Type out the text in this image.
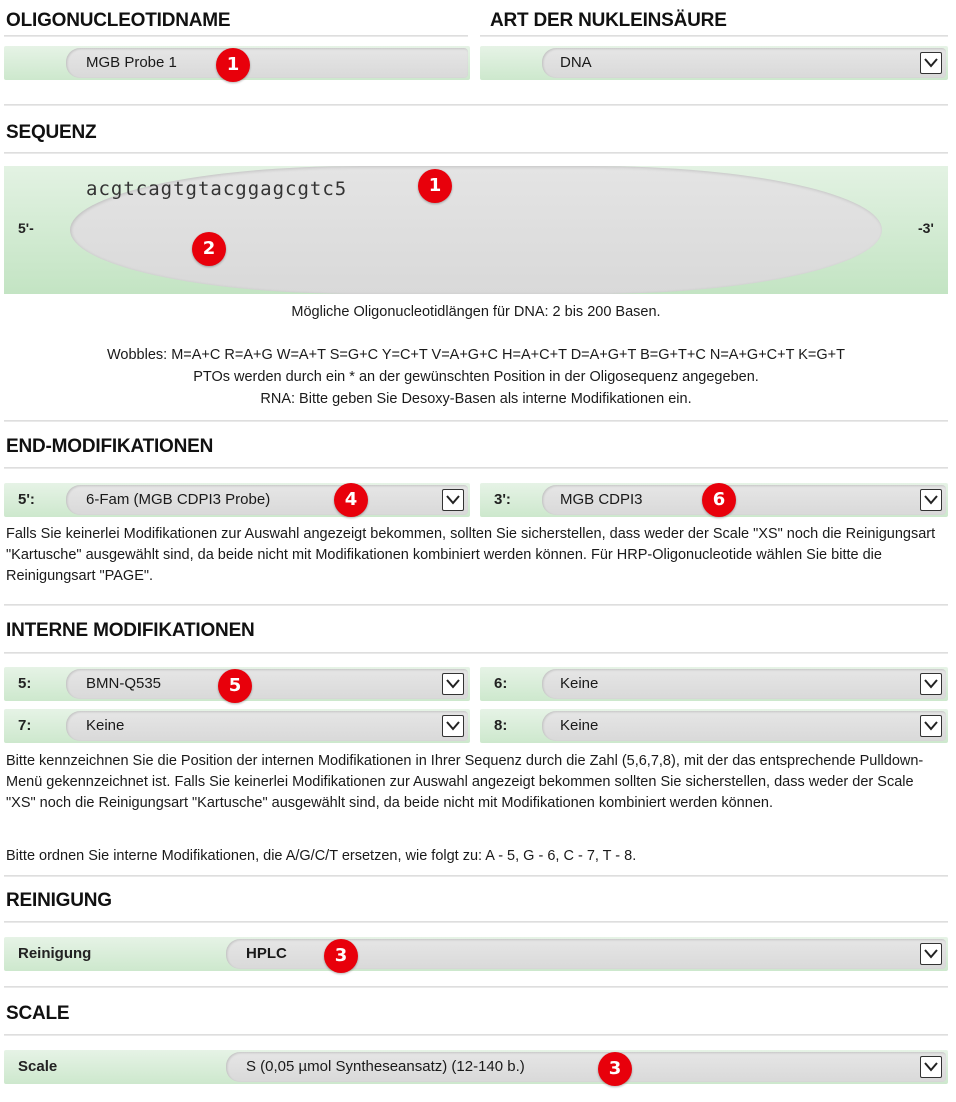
OLIGONUCLEOTIDNAME	ART DER NUKLEINSÄURE
MGB Probe 1	DNA
SEQUENZ
acgtcagtgtacggagcgtc5
5'-	-3'
Mögliche Oligonucleotidlängen für DNA: 2 bis 200 Basen.
Wobbles: M=A+C R=A+G W=A+T S=G+C Y=C+T V=A+G+C H=A+C+T D=A+G+T B=G+T+C N=A+G+C+T K=G+T
PTOs werden durch ein * an der gewünschten Position in der Oligosequenz angegeben.
RNA: Bitte geben Sie Desoxy-Basen als interne Modifikationen ein.
END-MODIFIKATIONEN
5':	6-Fam (MGB CDPI3 Probe)	3':	MGB CDPI3
Falls Sie keinerlei Modifikationen zur Auswahl angezeigt bekommen, sollten Sie sicherstellen, dass weder der Scale "XS" noch die Reinigungsart "Kartusche" ausgewählt sind, da beide nicht mit Modifikationen kombiniert werden können. Für HRP-Oligonucleotide wählen Sie bitte die Reinigungsart "PAGE".
INTERNE MODIFIKATIONEN
5:	BMN-Q535	6:	Keine
7:	Keine	8:	Keine
Bitte kennzeichnen Sie die Position der internen Modifikationen in Ihrer Sequenz durch die Zahl (5,6,7,8), mit der das entsprechende Pulldown-Menü gekennzeichnet ist. Falls Sie keinerlei Modifikationen zur Auswahl angezeigt bekommen sollten Sie sicherstellen, dass weder der Scale "XS" noch die Reinigungsart "Kartusche" ausgewählt sind, da beide nicht mit Modifikationen kombiniert werden können.
Bitte ordnen Sie interne Modifikationen, die A/G/C/T ersetzen, wie folgt zu: A - 5, G - 6, C - 7, T - 8.
REINIGUNG
Reinigung	HPLC
SCALE
Scale	S (0,05 µmol Syntheseansatz) (12-140 b.)
1
1
2
4	6
5
3
3
